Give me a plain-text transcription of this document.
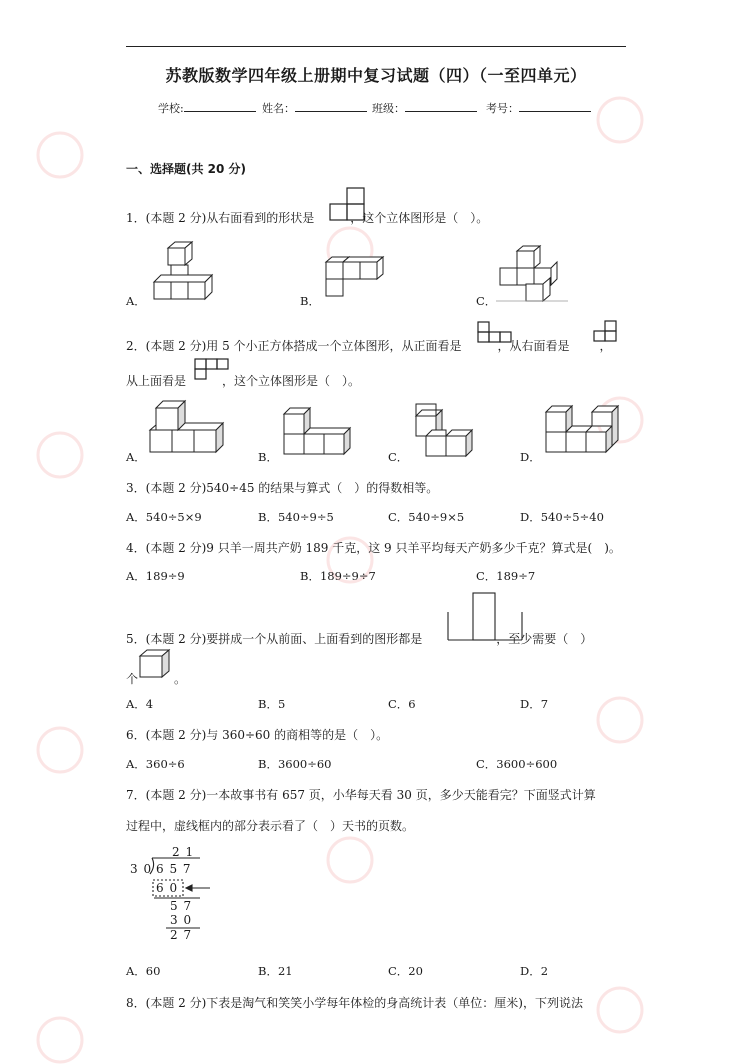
苏教版数学四年级上册期中复习试题（四）（一至四单元）
学校:	姓名：	班级：	考号：
一、选择题(共 20 分)
1．(本题 2 分)从右面看到的形状是	，这个立体图形是（　）。
A．	B．	C．
2．(本题 2 分)用 5 个小正方体搭成一个立体图形，从正面看是	，从右面看是	，
从上面看是	，这个立体图形是（　）。
A．	B．	C．	D．
3．(本题 2 分)540÷45 的结果与算式（　）的得数相等。
A．540÷5×9	B．540÷9÷5	C．540÷9×5	D．540÷5÷40
4．(本题 2 分)9 只羊一周共产奶 189 千克，这 9 只羊平均每天产奶多少千克？算式是(　)。
A．189÷9	B．189÷9÷7	C．189÷7
5．(本题 2 分)要拼成一个从前面、上面看到的图形都是	，至少需要（　）
个	。
A．4	B．5	C．6	D．7
6．(本题 2 分)与 360÷60 的商相等的是（　）。
A．360÷6	B．3600÷60	C．3600÷600
7．(本题 2 分)一本故事书有 657 页，小华每天看 30 页，多少天能看完？下面竖式计算
过程中，虚线框内的部分表示看了（　）天书的页数。
2 1
3 0 6 5 7
6 0
5 7
3 0
2 7
A．60	B．21	C．20	D．2
8．(本题 2 分)下表是淘气和笑笑小学每年体检的身高统计表（单位：厘米)，下列说法
